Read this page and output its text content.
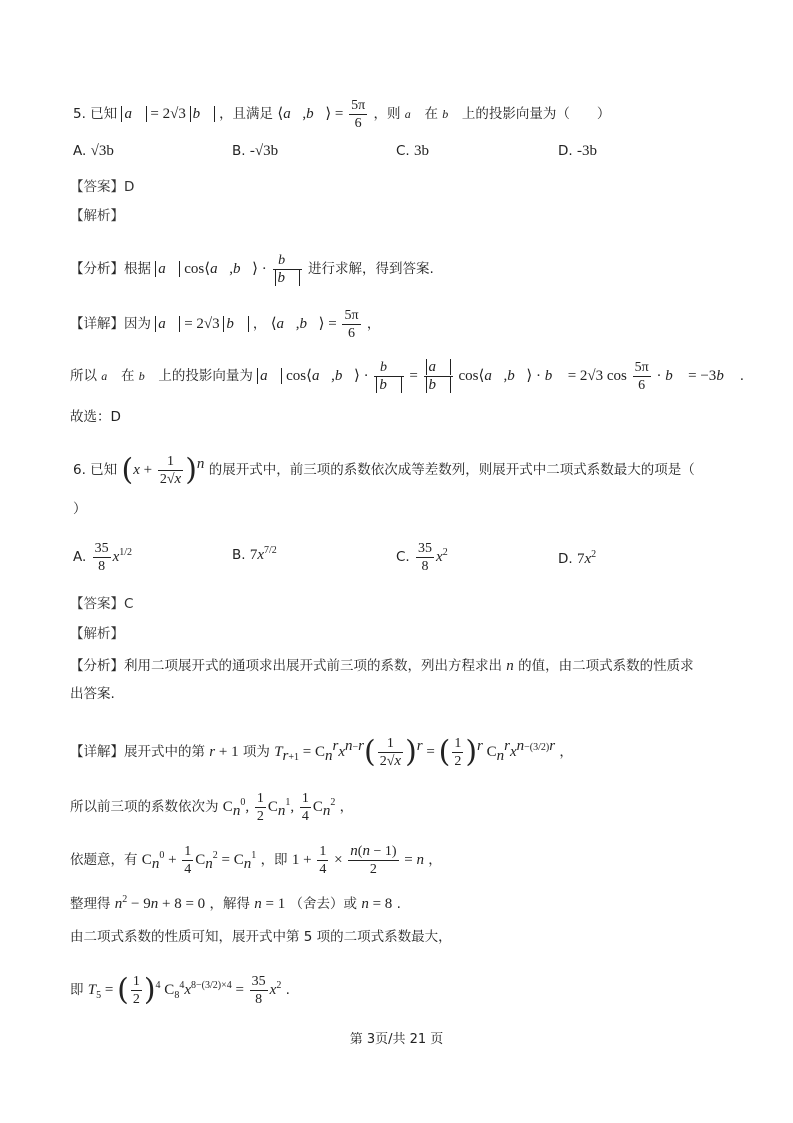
5. 已知 a⃗ = 2√3 b⃗ ，且满足 ⟨a⃗,b⃗⟩ = $\frac{5\pi}{6}$ ，则 a⃗ 在 b⃗ 上的投影向量为（　　）
A. √3b	B. -√3b	C. 3b	D. -3b
【答案】D
【解析】
【分析】根据 a⃗ cos⟨a⃗,b⃗⟩ · $\frac{b⃗}{b⃗}$ 进行求解，得到答案.
【详解】因为 a⃗ = 2√3 b⃗ ， ⟨a⃗,b⃗⟩ = $\frac{5\pi}{6}$ ，
所以 a⃗ 在 b⃗ 上的投影向量为 a⃗ cos⟨a⃗,b⃗⟩ · $\frac{b⃗}{b⃗} = \frac{a⃗}{b⃗}$ cos⟨a⃗,b⃗⟩ · b⃗ = 2√3 $\cos \frac{5\pi}{6}$ · b⃗ = −3b⃗ .
故选：D
6. 已知 $(x + \frac{1}{2√x} )^n$ 的展开式中，前三项的系数依次成等差数列，则展开式中二项式系数最大的项是（
）
A. $\frac{35}{8} x^{1/2}$	B. $7x^{7/2}$	C. $\frac{35}{8} x^2$	D. $7x^2$
【答案】C
【解析】
【分析】利用二项展开式的通项求出展开式前三项的系数，列出方程求出 n 的值，由二项式系数的性质求
出答案.
【详解】展开式中的第 r + 1 项为 $T_{r+1} = C_n^rx^{n-r}( \frac{1}{2√x} )^r$ = ( $\frac{1}{2} )^r$ $C_n^rx^{n-(3/2)r}$ ，
所以前三项的系数依次为 $C_n^0$, $\frac{1}{2} C_n^1$, $\frac{1}{4} C_n^2$ ，
依题意，有 $C_n^0 + \frac{1}{4} C_n^2 = C_n^1$ ，即 $1 + \frac{1}{4} \times \frac{n(n - 1)}{2} = n$ ，
整理得 $n^2 - 9n + 8 = 0$ ，解得 n = 1 （舍去）或 n = 8 .
由二项式系数的性质可知，展开式中第 5 项的二项式系数最大，
即 $T_5$ = ( $\frac{1}{2} )^4$ $C_8^4x^{8-(3/2)\times 4} = \frac{35}{8} x^2$ .
第 3页/共 21 页
